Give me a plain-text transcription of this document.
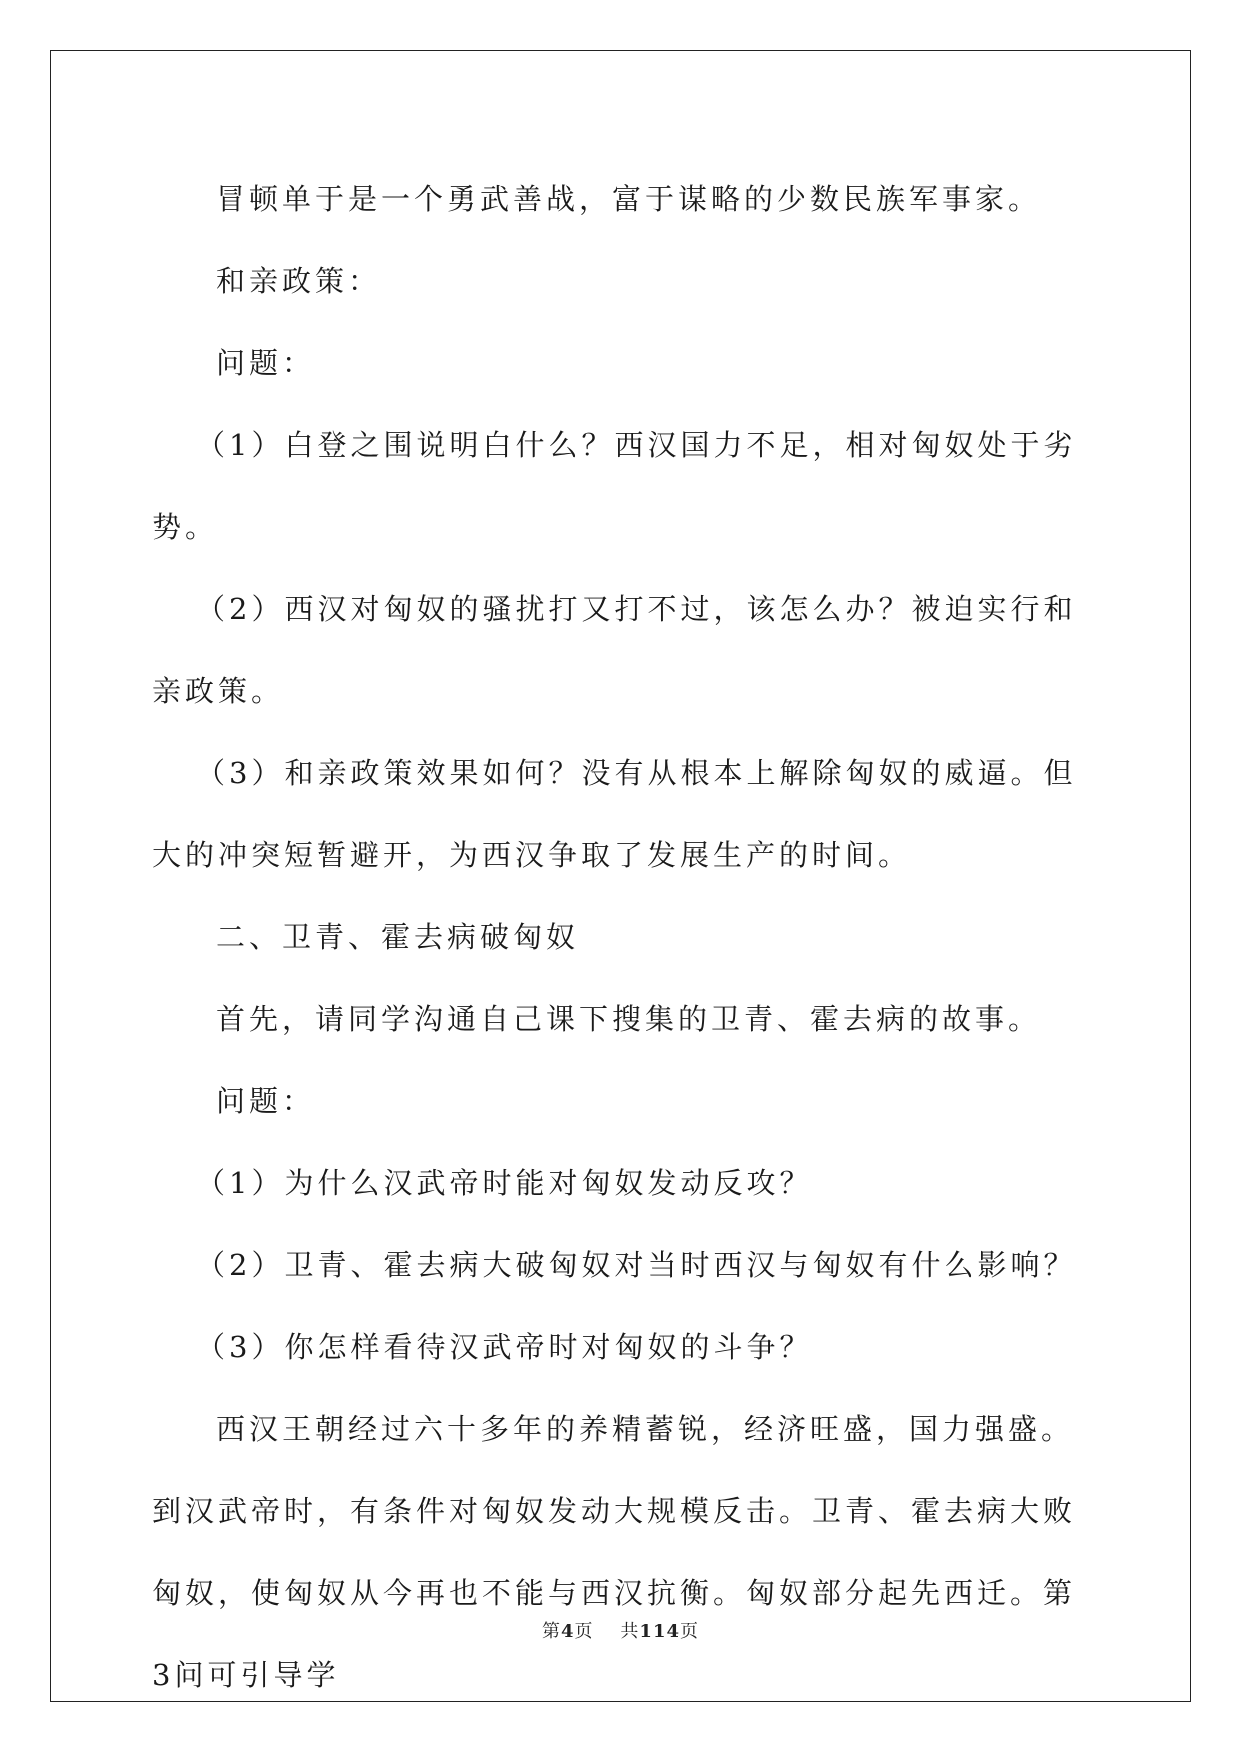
冒顿单于是一个勇武善战，富于谋略的少数民族军事家。

和亲政策：

问题：

（1）白登之围说明白什么？西汉国力不足，相对匈奴处于劣势。

（2）西汉对匈奴的骚扰打又打不过，该怎么办？被迫实行和亲政策。

（3）和亲政策效果如何？没有从根本上解除匈奴的威逼。但大的冲突短暂避开，为西汉争取了发展生产的时间。

二、卫青、霍去病破匈奴

首先，请同学沟通自己课下搜集的卫青、霍去病的故事。

问题：

（1）为什么汉武帝时能对匈奴发动反攻？

（2）卫青、霍去病大破匈奴对当时西汉与匈奴有什么影响？

（3）你怎样看待汉武帝时对匈奴的斗争？

西汉王朝经过六十多年的养精蓄锐，经济旺盛，国力强盛。到汉武帝时，有条件对匈奴发动大规模反击。卫青、霍去病大败匈奴，使匈奴从今再也不能与西汉抗衡。匈奴部分起先西迁。第3问可引导学

第4页 共114页
